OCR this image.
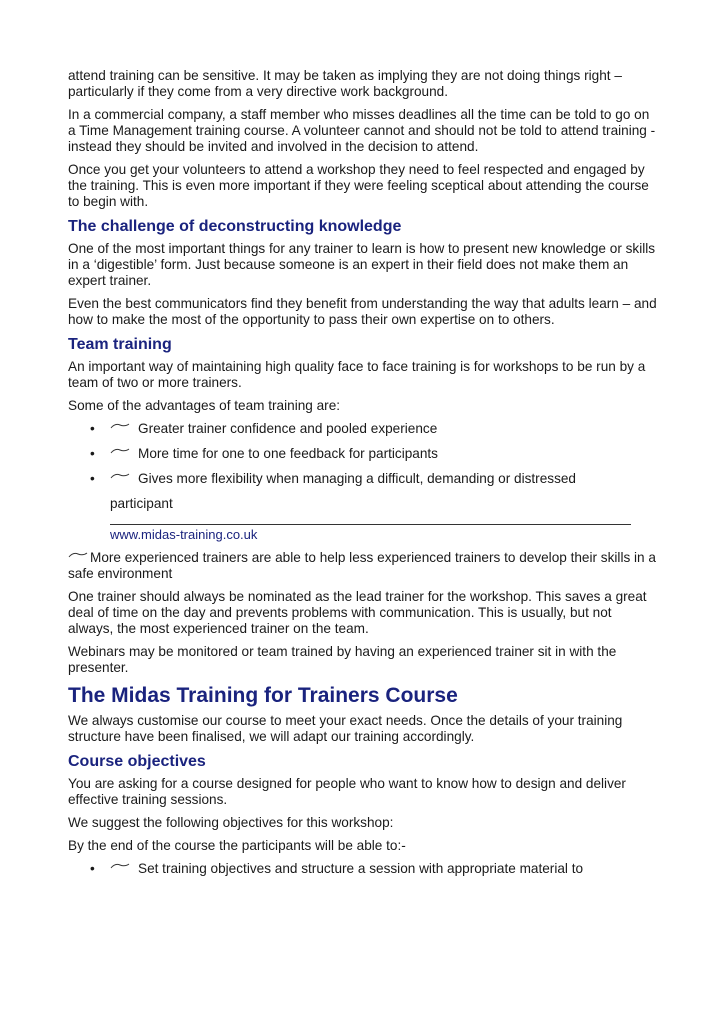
attend training can be sensitive. It may be taken as implying they are not doing things right – particularly if they come from a very directive work background.

In a commercial company, a staff member who misses deadlines all the time can be told to go on a Time Management training course. A volunteer cannot and should not be told to attend training - instead they should be invited and involved in the decision to attend.

Once you get your volunteers to attend a workshop they need to feel respected and engaged by the training. This is even more important if they were feeling sceptical about attending the course to begin with.

The challenge of deconstructing knowledge

One of the most important things for any trainer to learn is how to present new knowledge or skills in a ‘digestible’ form. Just because someone is an expert in their field does not make them an expert trainer.

Even the best communicators find they benefit from understanding the way that adults learn – and how to make the most of the opportunity to pass their own expertise on to others.

Team training

An important way of maintaining high quality face to face training is for workshops to be run by a team of two or more trainers.

Some of the advantages of team training are:

•	Greater trainer confidence and pooled experience
•	More time for one to one feedback for participants
•	Gives more flexibility when managing a difficult, demanding or distressed
participant
www.midas-training.co.uk

More experienced trainers are able to help less experienced trainers to develop their skills in a safe environment

One trainer should always be nominated as the lead trainer for the workshop. This saves a great deal of time on the day and prevents problems with communication. This is usually, but not always, the most experienced trainer on the team.

Webinars may be monitored or team trained by having an experienced trainer sit in with the presenter.

The Midas Training for Trainers Course

We always customise our course to meet your exact needs. Once the details of your training structure have been finalised, we will adapt our training accordingly.

Course objectives

You are asking for a course designed for people who want to know how to design and deliver effective training sessions.

We suggest the following objectives for this workshop:

By the end of the course the participants will be able to:-

•	Set training objectives and structure a session with appropriate material to
